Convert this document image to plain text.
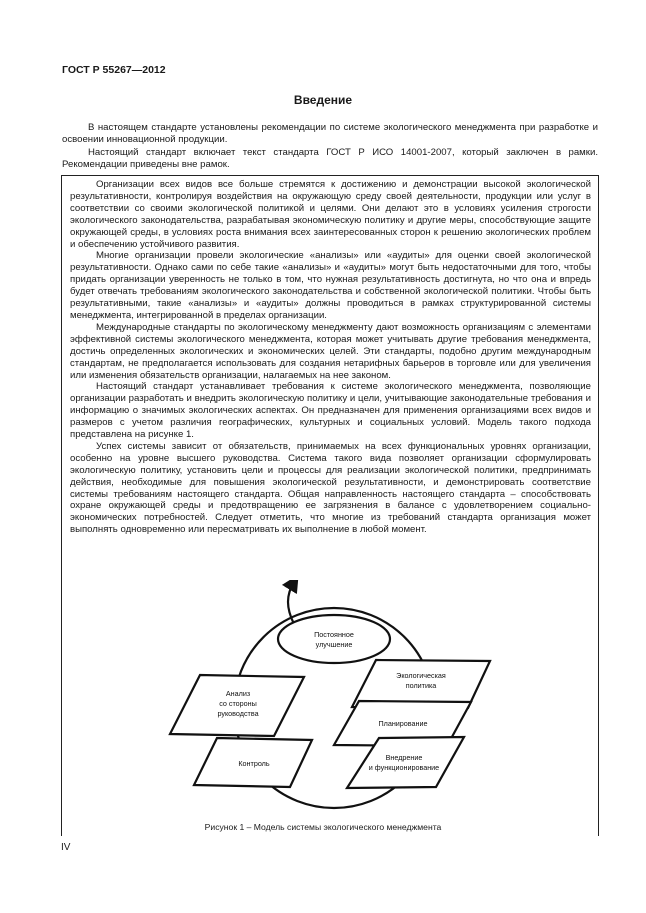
ГОСТ Р 55267—2012
Введение

В настоящем стандарте установлены рекомендации по системе экологического менеджмента при разработке и освоении инновационной продукции.

Настоящий стандарт включает текст стандарта ГОСТ Р ИСО 14001-2007, который заключен в рамки. Рекомендации приведены вне рамок.

Организации всех видов все больше стремятся к достижению и демонстрации высокой экологической результативности, контролируя воздействия на окружающую среду своей деятельности, продукции или услуг в соответствии со своими экологической политикой и целями. Они делают это в условиях усиления строгости экологического законодательства, разрабатывая экономическую политику и другие меры, способствующие защите окружающей среды, в условиях роста внимания всех заинтересованных сторон к решению экологических проблем и обеспечению устойчивого развития.

Многие организации провели экологические «анализы» или «аудиты» для оценки своей экологической результативности. Однако сами по себе такие «анализы» и «аудиты» могут быть недостаточными для того, чтобы придать организации уверенность не только в том, что нужная результативность достигнута, но что она и впредь будет отвечать требованиям экологического законодательства и собственной экологической политики. Чтобы быть результативными, такие «анализы» и «аудиты» должны проводиться в рамках структурированной системы менеджмента, интегрированной в пределах организации.

Международные стандарты по экологическому менеджменту дают возможность организациям с элементами эффективной системы экологического менеджмента, которая может учитывать другие требования менеджмента, достичь определенных экологических и экономических целей. Эти стандарты, подобно другим международным стандартам, не предполагается использовать для создания нетарифных барьеров в торговле или для увеличения или изменения обязательств организации, налагаемых на нее законом.

Настоящий стандарт устанавливает требования к системе экологического менеджмента, позволяющие организации разработать и внедрить экологическую политику и цели, учитывающие законодательные требования и информацию о значимых экологических аспектах. Он предназначен для применения организациями всех видов и размеров с учетом различия географических, культурных и социальных условий. Модель такого подхода представлена на рисунке 1.

Успех системы зависит от обязательств, принимаемых на всех функциональных уровнях организации, особенно на уровне высшего руководства. Система такого вида позволяет организации сформулировать экологическую политику, установить цели и процессы для реализации экологической политики, предпринимать действия, необходимые для повышения экологической результативности, и демонстрировать соответствие системы требованиям настоящего стандарта. Общая направленность настоящего стандарта – способствовать охране окружающей среды и предотвращению ее загрязнения в балансе с удовлетворением социально-экономических потребностей. Следует отметить, что многие из требований стандарта организация может выполнять одновременно или пересматривать их выполнение в любой момент.

Постоянное
улучшение
Анализ
со стороны
руководства
Контроль
Экологическая
политика
Планирование
Внедрение
и функционирование
Рисунок 1 – Модель системы экологического менеджмента
IV
